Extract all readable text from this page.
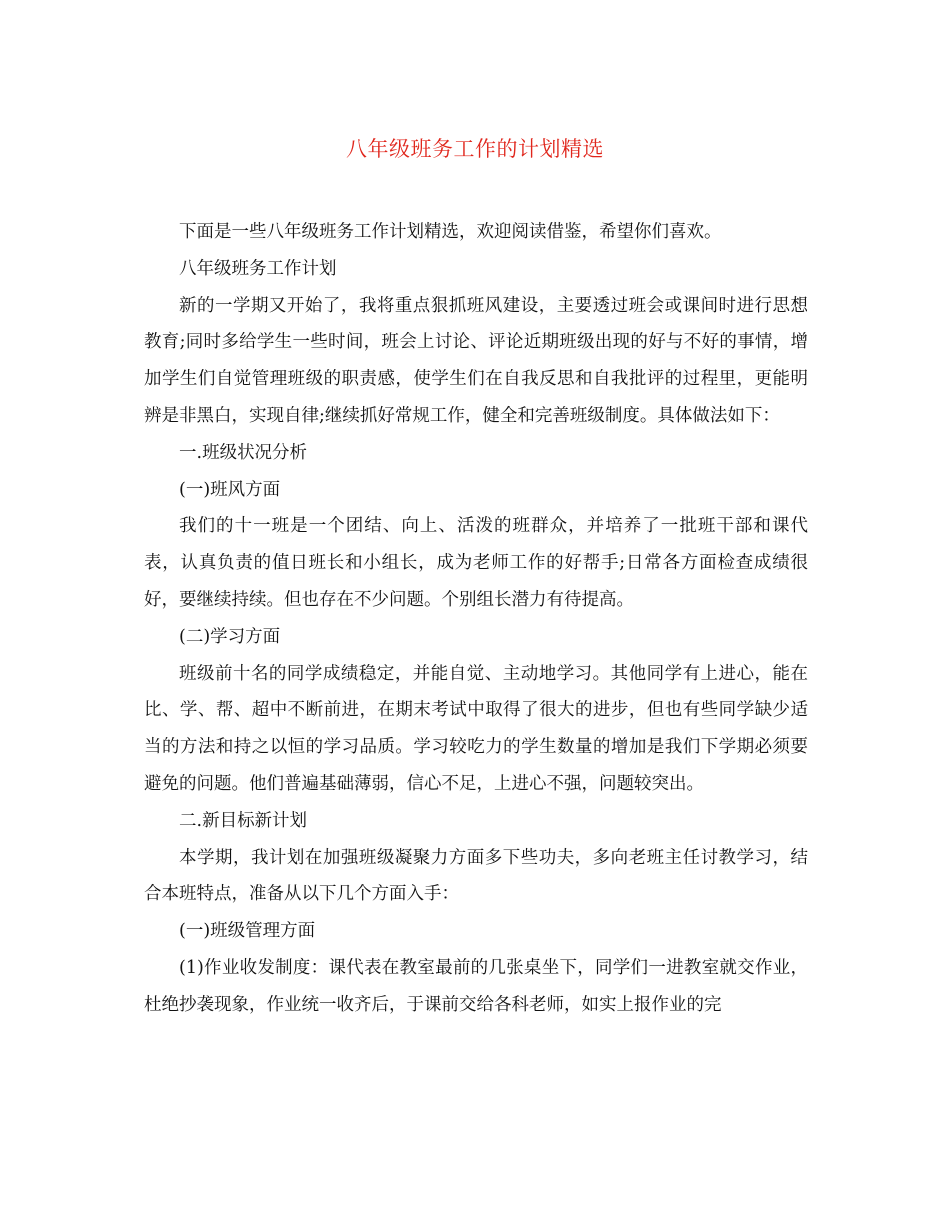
八年级班务工作的计划精选

下面是一些八年级班务工作计划精选，欢迎阅读借鉴，希望你们喜欢。

八年级班务工作计划

新的一学期又开始了，我将重点狠抓班风建设，主要透过班会或课间时进行思想教育;同时多给学生一些时间，班会上讨论、评论近期班级出现的好与不好的事情，增加学生们自觉管理班级的职责感，使学生们在自我反思和自我批评的过程里，更能明辨是非黑白，实现自律;继续抓好常规工作，健全和完善班级制度。具体做法如下：

一.班级状况分析

(一)班风方面

我们的十一班是一个团结、向上、活泼的班群众，并培养了一批班干部和课代表，认真负责的值日班长和小组长，成为老师工作的好帮手;日常各方面检查成绩很好，要继续持续。但也存在不少问题。个别组长潜力有待提高。

(二)学习方面

班级前十名的同学成绩稳定，并能自觉、主动地学习。其他同学有上进心，能在比、学、帮、超中不断前进，在期末考试中取得了很大的进步，但也有些同学缺少适当的方法和持之以恒的学习品质。学习较吃力的学生数量的增加是我们下学期必须要避免的问题。他们普遍基础薄弱，信心不足，上进心不强，问题较突出。

二.新目标新计划

本学期，我计划在加强班级凝聚力方面多下些功夫，多向老班主任讨教学习，结合本班特点，准备从以下几个方面入手：

(一)班级管理方面

(1)作业收发制度：课代表在教室最前的几张桌坐下，同学们一进教室就交作业，杜绝抄袭现象，作业统一收齐后，于课前交给各科老师，如实上报作业的完
